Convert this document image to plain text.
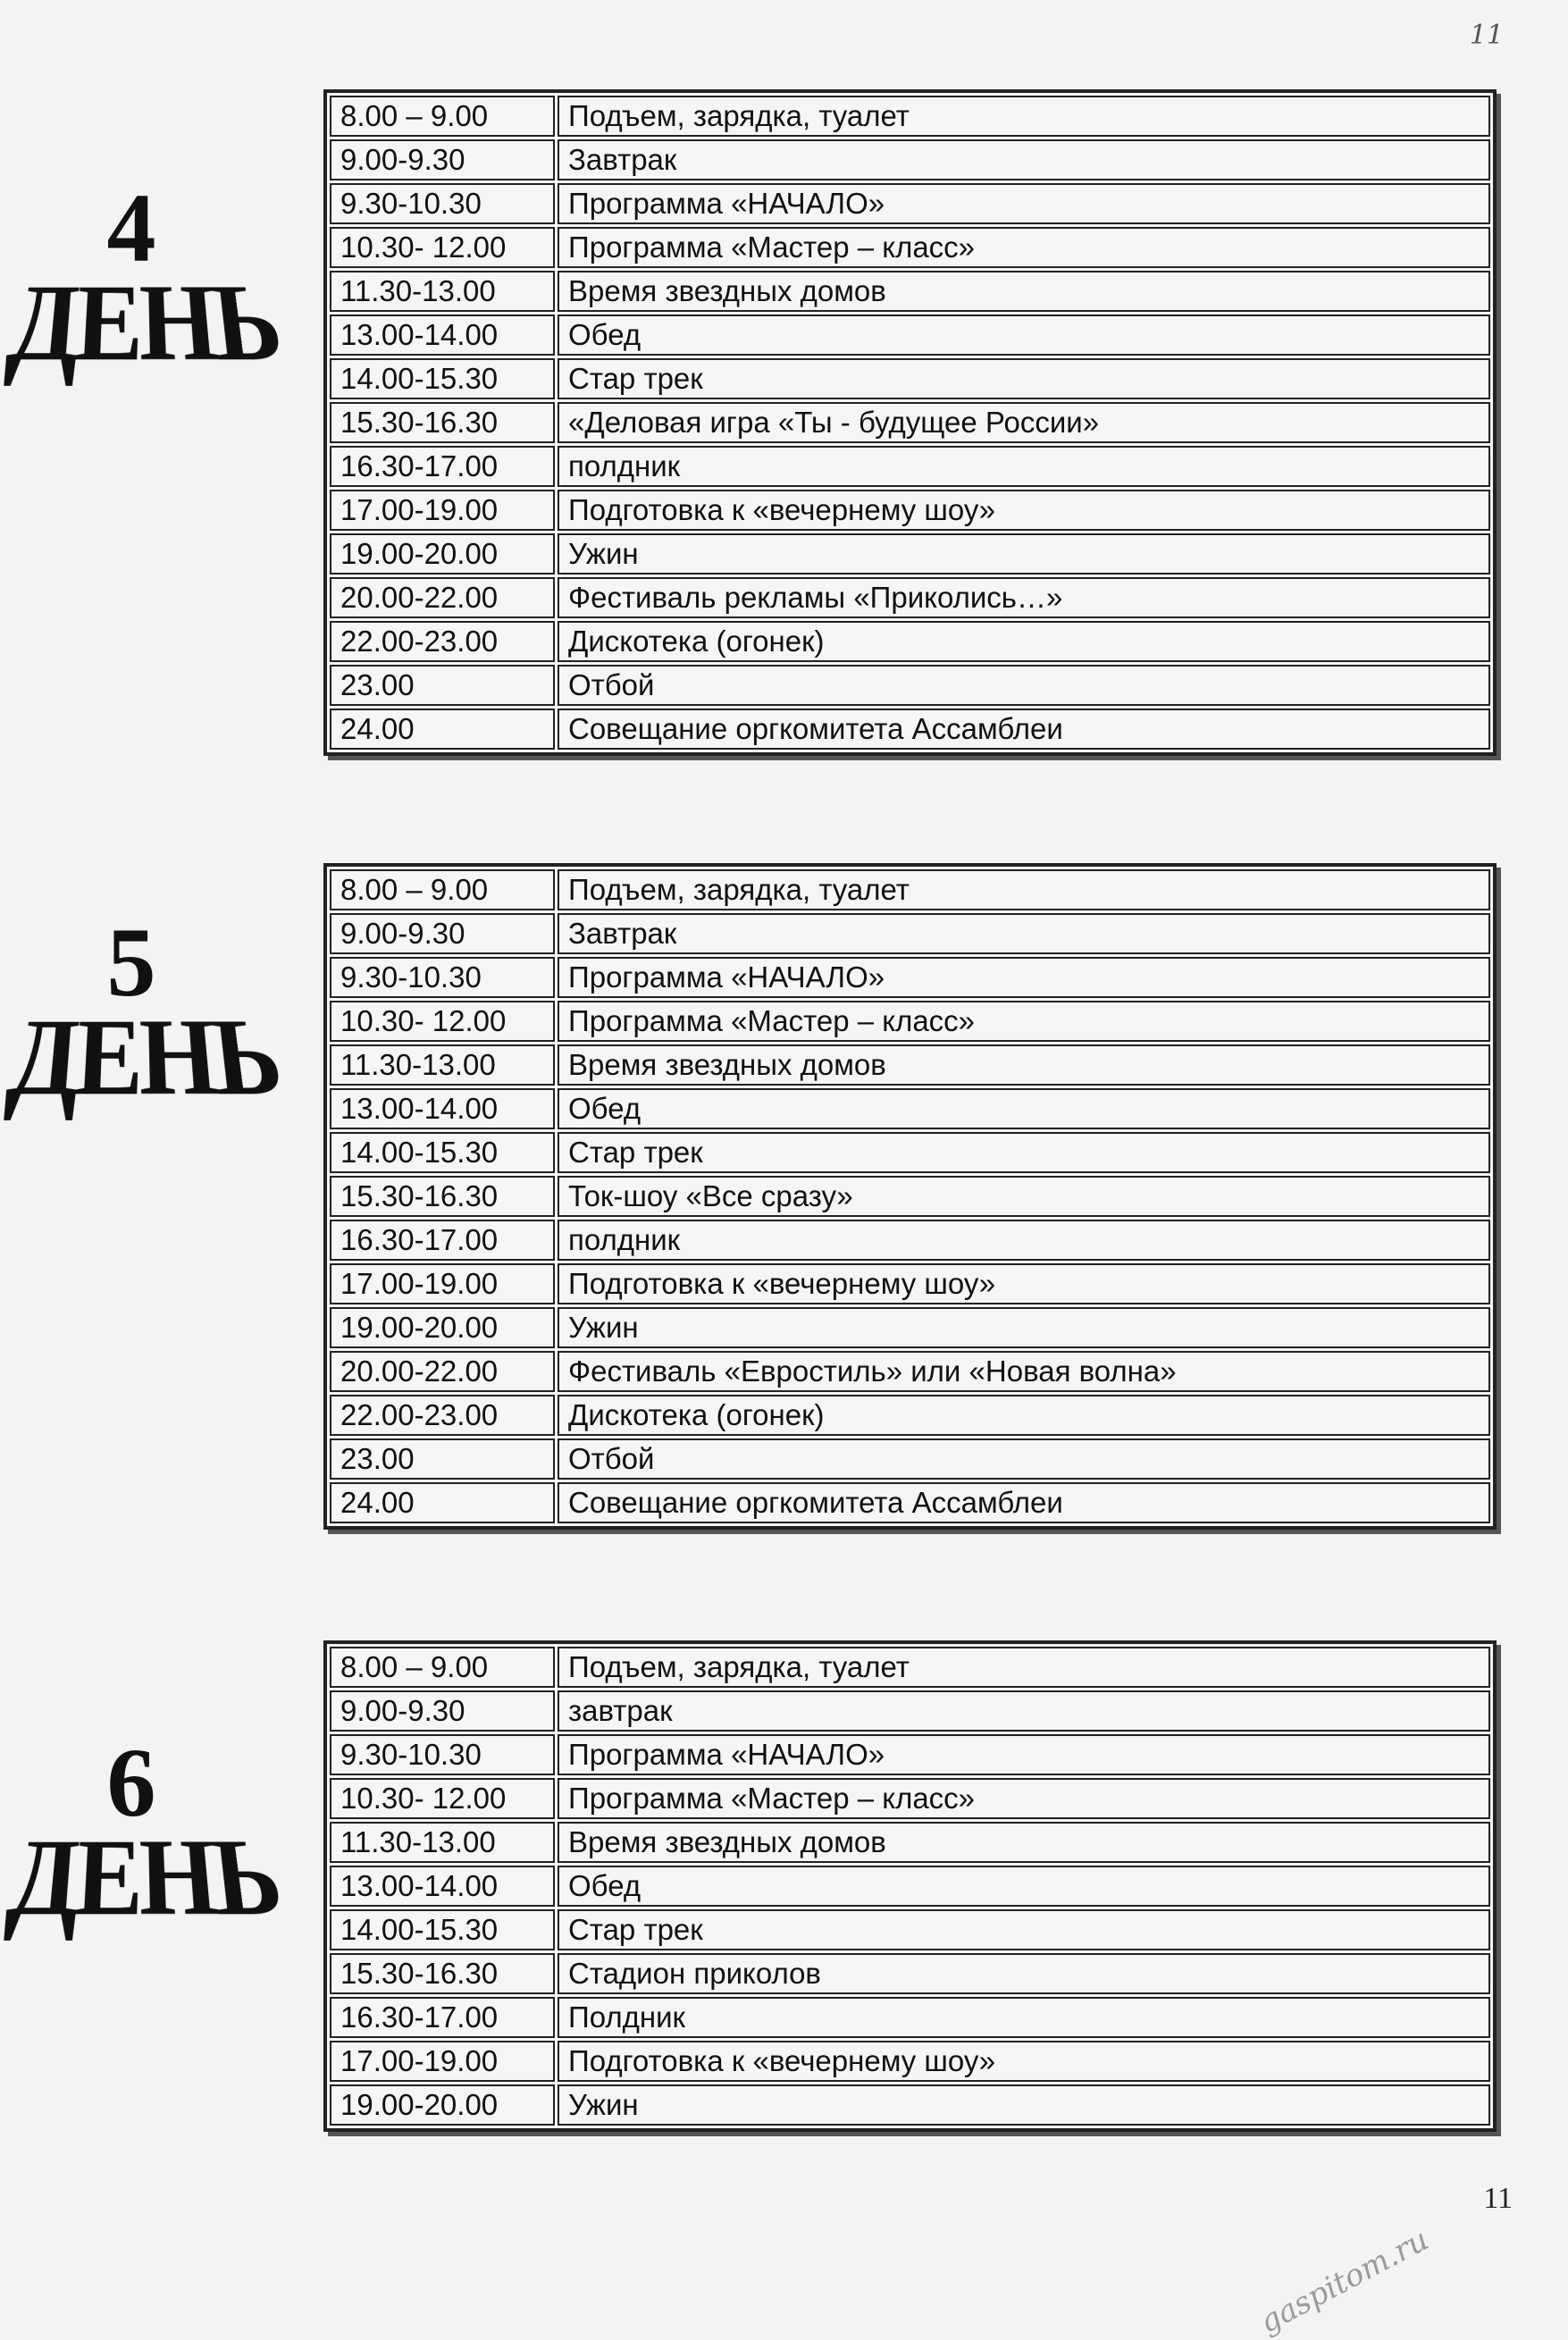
11
4
ДЕНЬ
8.00 – 9.00	Подъем, зарядка, туалет
9.00-9.30	Завтрак
9.30-10.30	Программа «НАЧАЛО»
10.30- 12.00	Программа «Мастер – класс»
11.30-13.00	Время звездных домов
13.00-14.00	Обед
14.00-15.30	Стар трек
15.30-16.30	«Деловая игра «Ты - будущее России»
16.30-17.00	полдник
17.00-19.00	Подготовка к «вечернему шоу»
19.00-20.00	Ужин
20.00-22.00	Фестиваль рекламы «Приколись…»
22.00-23.00	Дискотека (огонек)
23.00	Отбой
24.00	Совещание оргкомитета Ассамблеи
5
ДЕНЬ
8.00 – 9.00	Подъем, зарядка, туалет
9.00-9.30	Завтрак
9.30-10.30	Программа «НАЧАЛО»
10.30- 12.00	Программа «Мастер – класс»
11.30-13.00	Время звездных домов
13.00-14.00	Обед
14.00-15.30	Стар трек
15.30-16.30	Ток-шоу «Все сразу»
16.30-17.00	полдник
17.00-19.00	Подготовка к «вечернему шоу»
19.00-20.00	Ужин
20.00-22.00	Фестиваль «Евростиль» или «Новая волна»
22.00-23.00	Дискотека (огонек)
23.00	Отбой
24.00	Совещание оргкомитета Ассамблеи
6
ДЕНЬ
8.00 – 9.00	Подъем, зарядка, туалет
9.00-9.30	завтрак
9.30-10.30	Программа «НАЧАЛО»
10.30- 12.00	Программа «Мастер – класс»
11.30-13.00	Время звездных домов
13.00-14.00	Обед
14.00-15.30	Стар трек
15.30-16.30	Стадион приколов
16.30-17.00	Полдник
17.00-19.00	Подготовка к «вечернему шоу»
19.00-20.00	Ужин
gaspitom.ru
11
